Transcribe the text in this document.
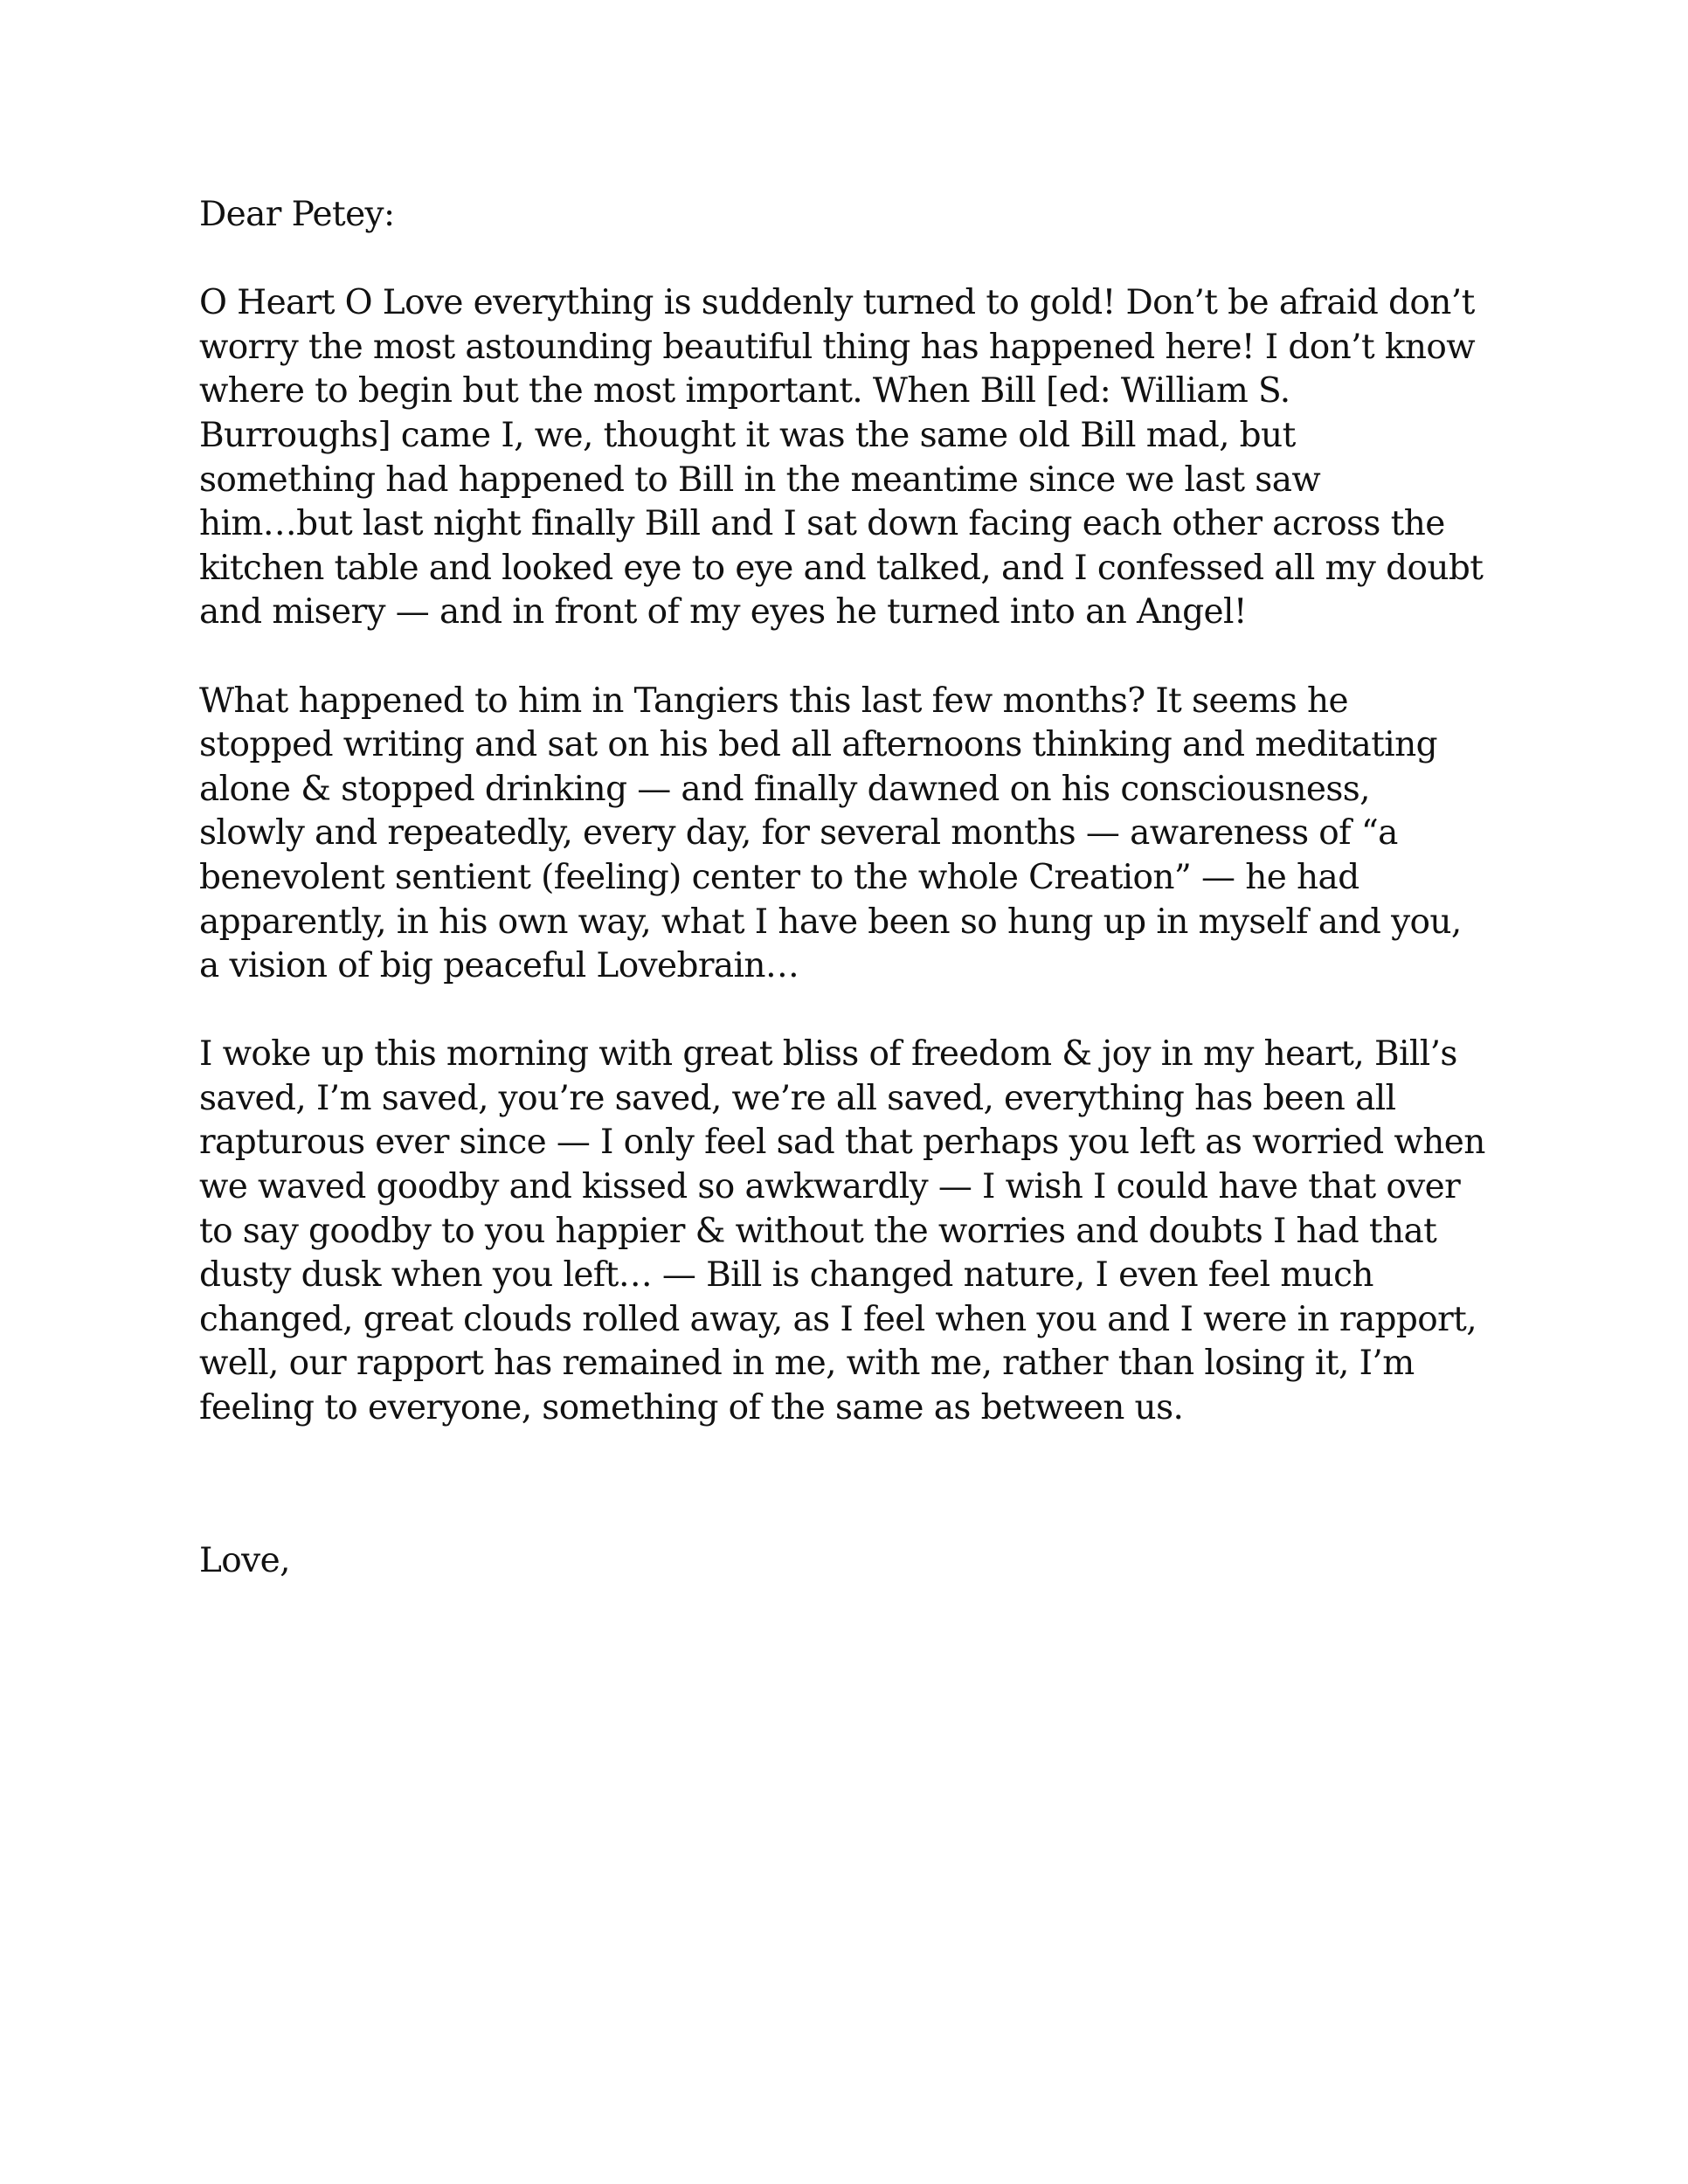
Dear Petey:

O Heart O Love everything is suddenly turned to gold! Don’t be afraid don’t
worry the most astounding beautiful thing has happened here! I don’t know
where to begin but the most important. When Bill [ed: William S.
Burroughs] came I, we, thought it was the same old Bill mad, but
something had happened to Bill in the meantime since we last saw
him…but last night finally Bill and I sat down facing each other across the
kitchen table and looked eye to eye and talked, and I confessed all my doubt
and misery — and in front of my eyes he turned into an Angel!

What happened to him in Tangiers this last few months? It seems he
stopped writing and sat on his bed all afternoons thinking and meditating
alone & stopped drinking — and finally dawned on his consciousness,
slowly and repeatedly, every day, for several months — awareness of “a
benevolent sentient (feeling) center to the whole Creation” — he had
apparently, in his own way, what I have been so hung up in myself and you,
a vision of big peaceful Lovebrain…

I woke up this morning with great bliss of freedom & joy in my heart, Bill’s
saved, I’m saved, you’re saved, we’re all saved, everything has been all
rapturous ever since — I only feel sad that perhaps you left as worried when
we waved goodby and kissed so awkwardly — I wish I could have that over
to say goodby to you happier & without the worries and doubts I had that
dusty dusk when you left… — Bill is changed nature, I even feel much
changed, great clouds rolled away, as I feel when you and I were in rapport,
well, our rapport has remained in me, with me, rather than losing it, I’m
feeling to everyone, something of the same as between us.

Love,
